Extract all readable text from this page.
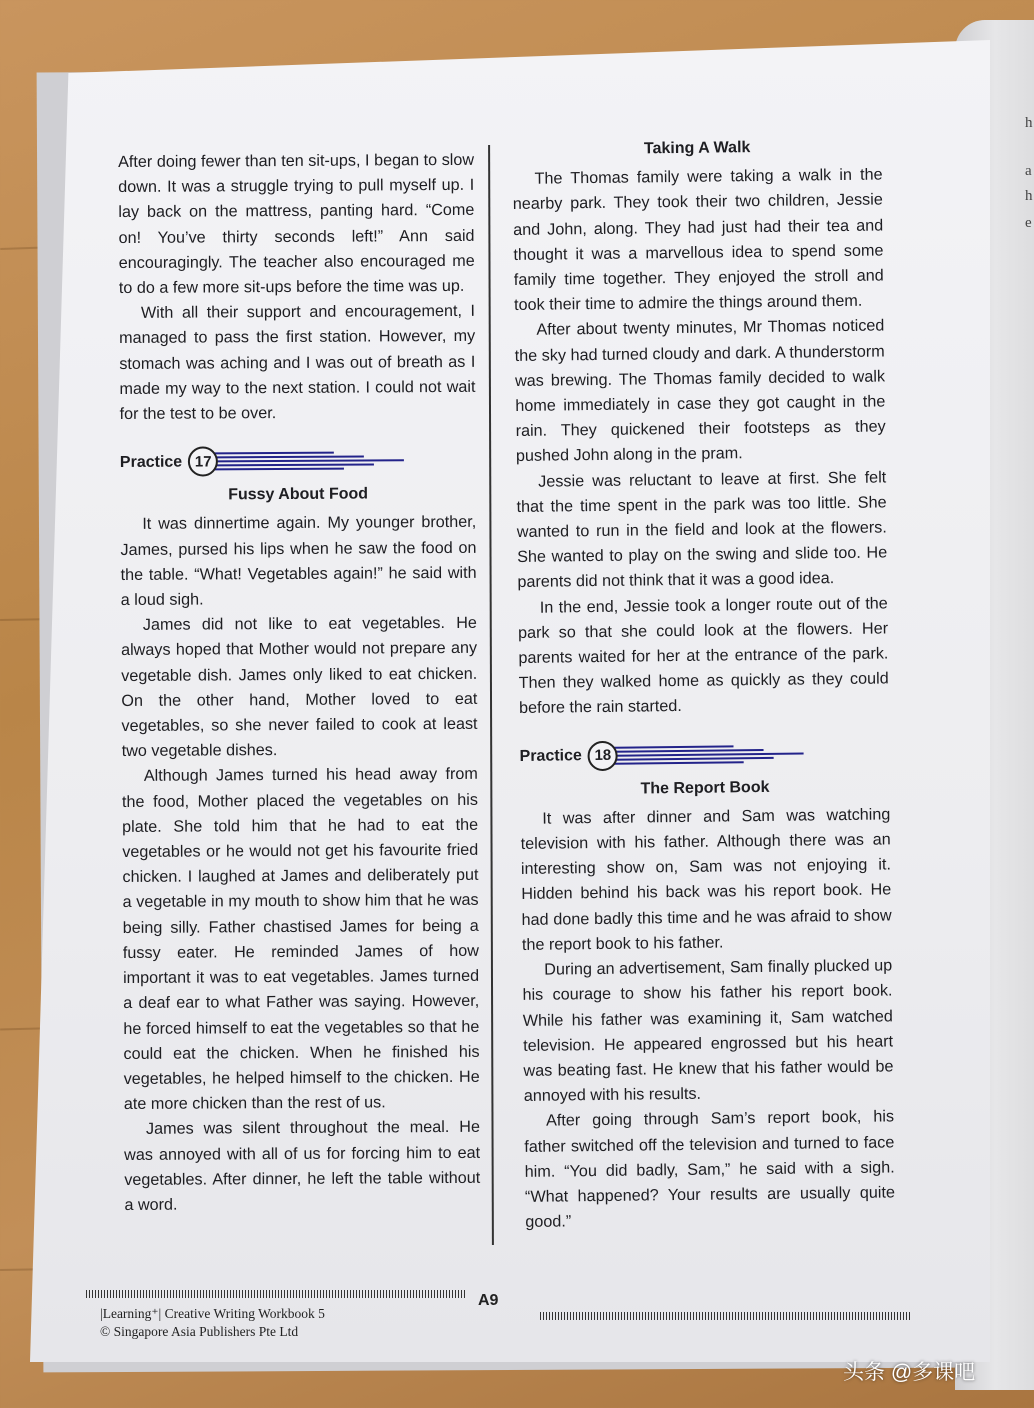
h
a
h
e

After doing fewer than ten sit-ups, I began to slow down. It was a struggle trying to pull myself up. I lay back on the mattress, panting hard. “Come on! You’ve thirty seconds left!” Ann said encouragingly. The teacher also encouraged me to do a few more sit-ups before the time was up.

With all their support and encouragement, I managed to pass the first station. However, my stomach was aching and I was out of breath as I made my way to the next station. I could not wait for the test to be over.

Practice 17
Fussy About Food

It was dinnertime again. My younger brother, James, pursed his lips when he saw the food on the table. “What! Vegetables again!” he said with a loud sigh.

James did not like to eat vegetables. He always hoped that Mother would not prepare any vegetable dish. James only liked to eat chicken. On the other hand, Mother loved to eat vegetables, so she never failed to cook at least two vegetable dishes.

Although James turned his head away from the food, Mother placed the vegetables on his plate. She told him that he had to eat the vegetables or he would not get his favourite fried chicken. I laughed at James and deliberately put a vegetable in my mouth to show him that he was being silly. Father chastised James for being a fussy eater. He reminded James of how important it was to eat vegetables. James turned a deaf ear to what Father was saying. However, he forced himself to eat the vegetables so that he could eat the chicken. When he finished his vegetables, he helped himself to the chicken. He ate more chicken than the rest of us.

James was silent throughout the meal. He was annoyed with all of us for forcing him to eat vegetables. After dinner, he left the table without a word.

Taking A Walk

The Thomas family were taking a walk in the nearby park. They took their two children, Jessie and John, along. They had just had their tea and thought it was a marvellous idea to spend some family time together. They enjoyed the stroll and took their time to admire the things around them.

After about twenty minutes, Mr Thomas noticed the sky had turned cloudy and dark. A thunderstorm was brewing. The Thomas family decided to walk home immediately in case they got caught in the rain. They quickened their footsteps as they pushed John along in the pram.

Jessie was reluctant to leave at first. She felt that the time spent in the park was too little. She wanted to run in the field and look at the flowers. She wanted to play on the swing and slide too. He parents did not think that it was a good idea.

In the end, Jessie took a longer route out of the park so that she could look at the flowers. Her parents waited for her at the entrance of the park. Then they walked home as quickly as they could before the rain started.

Practice 18
The Report Book

It was after dinner and Sam was watching television with his father. Although there was an interesting show on, Sam was not enjoying it. Hidden behind his back was his report book. He had done badly this time and he was afraid to show the report book to his father.

During an advertisement, Sam finally plucked up his courage to show his father his report book. While his father was examining it, Sam watched television. He appeared engrossed but his heart was beating fast. He knew that his father would be annoyed with his results.

After going through Sam’s report book, his father switched off the television and turned to face him. “You did badly, Sam,” he said with a sigh. “What happened? Your results are usually quite good.”

A9
|Learning⁺| Creative Writing Workbook 5
© Singapore Asia Publishers Pte Ltd
头条 @多课吧
